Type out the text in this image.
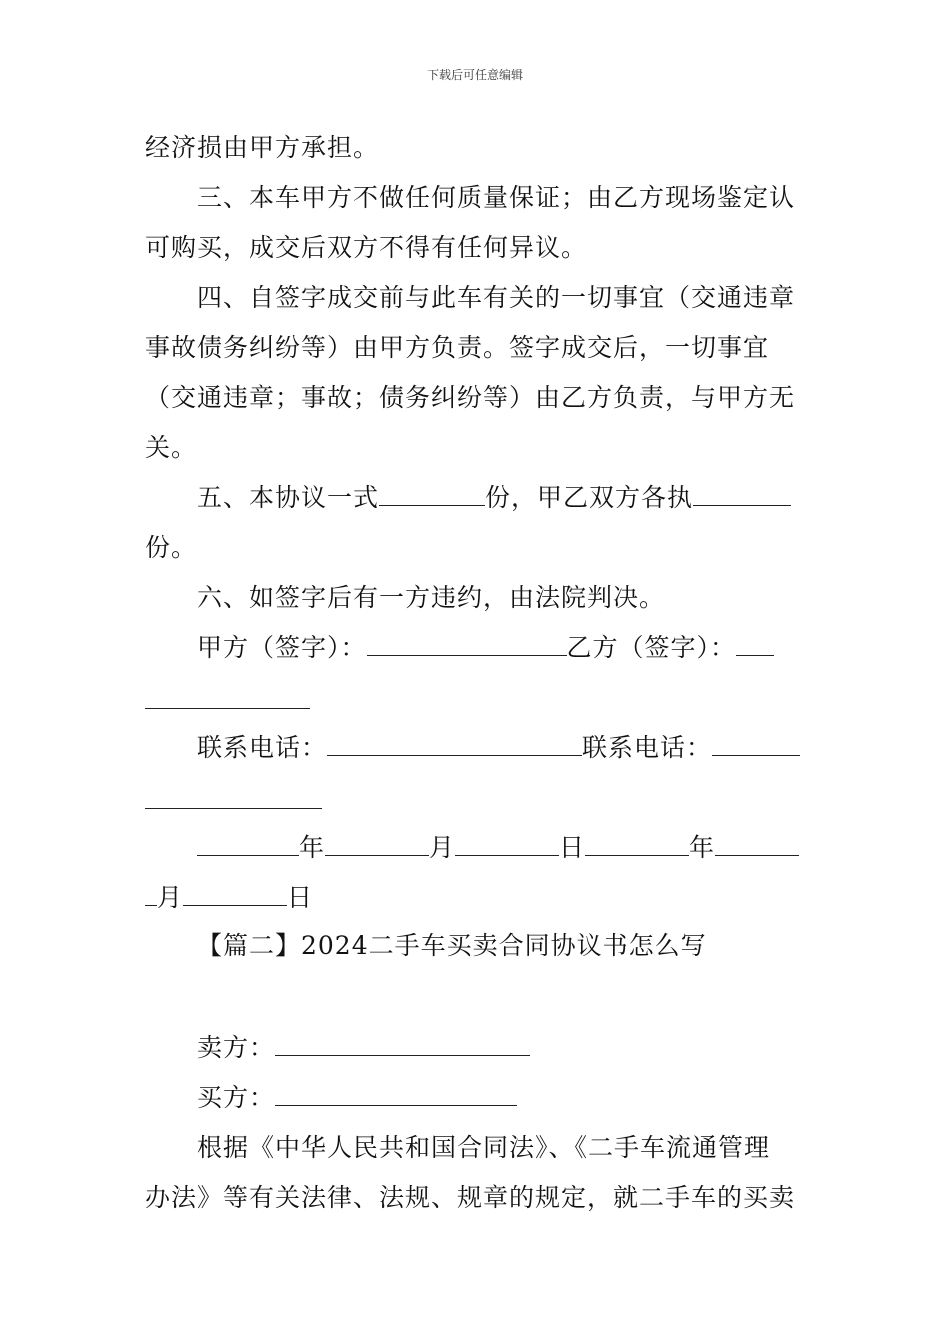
下载后可任意编辑
经济损由甲方承担。
三、本车甲方不做任何质量保证；由乙方现场鉴定认
可购买，成交后双方不得有任何异议。
四、自签字成交前与此车有关的一切事宜（交通违章
事故债务纠纷等）由甲方负责。签字成交后，一切事宜
（交通违章；事故；债务纠纷等）由乙方负责，与甲方无
关。
五、本协议一式	份，甲乙双方各执
份。
六、如签字后有一方违约，由法院判决。
甲方（签字）：	乙方（签字）：
联系电话：	联系电话：
年	月	日	年
月	日
【篇二】2024二手车买卖合同协议书怎么写
卖方：
买方：
根据《中华人民共和国合同法》、《二手车流通管理
办法》等有关法律、法规、规章的规定，就二手车的买卖
